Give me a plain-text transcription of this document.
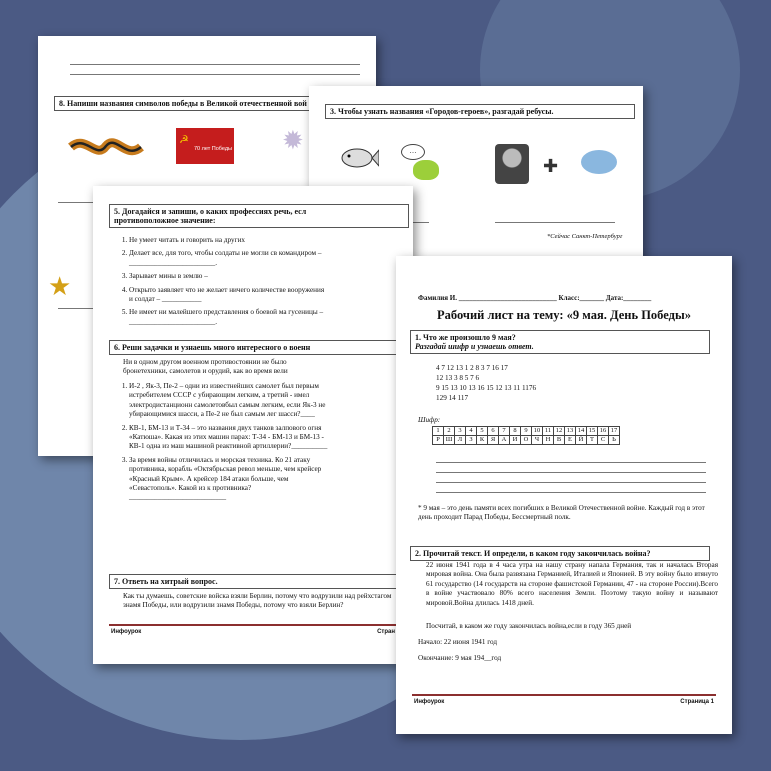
8. Напиши названия символов победы в Великой отечественной вой
☭
70 лет Победы ✹
★
3. Чтобы узнать названия «Городов-героев», разгадай ребусы.
…
✚
*Сейчас Санкт-Петербург
5. Догадайся и запиши, о каких профессиях речь, есл
противоположное значение:
1. Не умеет читать и говорить на других
2. Делает все, для того, чтобы солдаты не могли св командиром – ________________________.
3. Зарывает мины в землю –
4. Открыто заявляет что не желает ничего количестве вооружения и солдат – ___________
5. Не имеет ни малейшего представления о боевой ма гусеницы – ________________________.
6. Реши задачки и узнаешь много интересного о военн
Ни в одном другом военном противостоянии не было бронетехники, самолетов и орудий, как во время вели
1. И-2 , Як-3, Пе-2 – одни из известнейших самолет был первым истребителем СССР с убирающим легким, а третий - имел электродистанционн самолетовбыл самым легким, если Як-3 не убирающимися шасси, а Пе-2 не был самым лег шасси?____
2. КВ-1, БМ-13 и Т-34 – это названия двух танков залпового огня «Катюша». Какая из этих машин парах: Т-34 - БМ-13 и БМ-13 - КВ-1 одна из маш машиной реактивной артиллерии?__________
3. За время войны отличилась и морская техника. Ко 21 атаку противника, корабль «Октябрьская револ меньше, чем крейсер «Красный Крым». А крейсер 184 атаки больше, чем «Севастополь». Какой из к противника? ___________________________
7. Ответь на хитрый вопрос.
Как ты думаешь, советские войска взяли Берлин, потому что водрузили над рейхстагом знамя Победы, или водрузили знамя Победы, потому что взяли Берлин?
Инфоурок	Стран
Фамилия И. ____________________________ Класс:_______ Дата:________
Рабочий лист на тему: «9 мая. День Победы»
1. Что же произошло 9 мая?
Разгадай шифр и узнаешь ответ.
4 7 12 13 1 2 8 3 7 16 17
12 13 3 8 5 7 6
9 15 13 10 13 16 15 12 13 11 1176
129 14 117
Шифр:
1	2	3	4	5	6	7	8	9	10	11	12	13	14	15	16	17
Р	Ш	Л	З	К	Я	А	И	О	Ч	Н	В	Е	Й	Т	С	Ь
* 9 мая – это день памяти всех погибших в Великой Отечественной войне. Каждый год в этот день проходит Парад Победы, Бессмертный полк.
2. Прочитай текст. И определи, в каком году закончилась война?
22 июня 1941 года в 4 часа утра на нашу страну напала Германия, так и началась Вторая мировая война. Она была развязана Германией, Италией и Японией. В эту войну было втянуто 61 государство (14 государств на стороне фашистской Германии, 47 - на стороне России).Всего в войне участвовало 80% всего населения Земли. Поэтому такую войну и называют мировой.Война длилась 1418 дней.
Посчитай, в каком же году закончилась война,если в году 365 дней
Начало: 22 июня 1941 год
Окончание: 9 мая 194__год
Инфоурок	Страница 1
